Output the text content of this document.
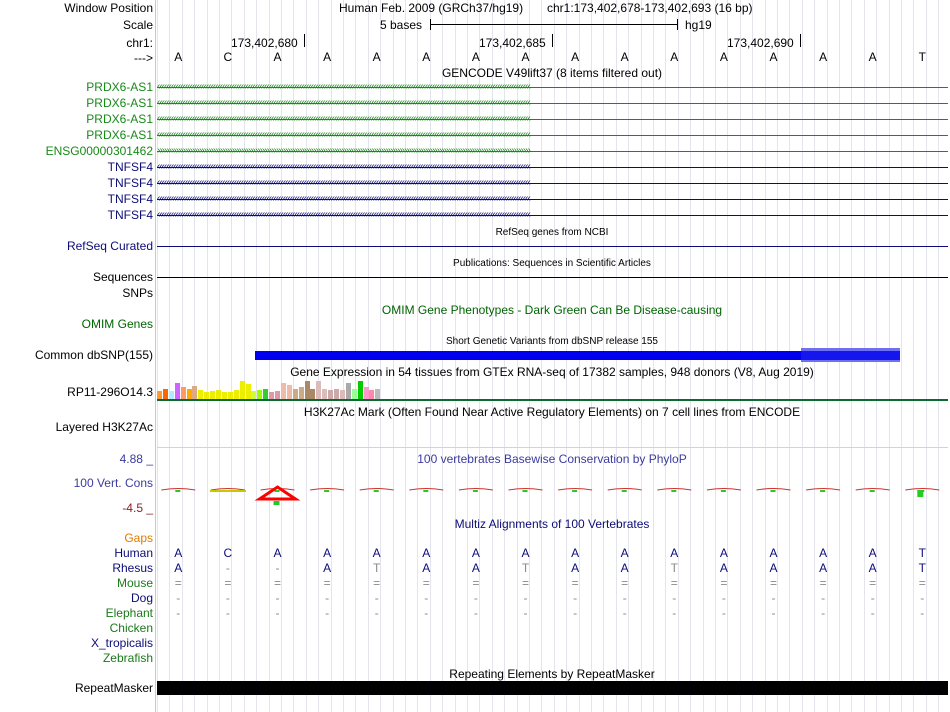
Window Position
Scale
chr1:
--->
Human Feb. 2009 (GRCh37/hg19) chr1:173,402,678-173,402,693 (16 bp)
5 bases	hg19
173,402,680	173,402,685	173,402,690
A	C	A	A	A	A	A	A	A	A	A	A	A	A	A	T
GENCODE V49lift37 (8 items filtered out)
PRDX6-AS1 ‹‹‹‹‹‹‹‹‹‹‹‹‹‹‹‹‹‹‹‹‹‹‹‹‹‹‹‹‹‹‹‹‹‹‹‹‹‹‹‹‹‹‹‹‹‹‹‹‹‹‹‹‹‹‹‹‹‹‹‹‹‹‹‹‹‹‹‹‹‹‹‹‹‹‹‹‹‹‹‹‹‹‹‹‹‹‹‹‹‹‹‹‹‹‹‹‹‹‹‹‹‹‹‹‹‹‹‹‹‹‹‹‹‹‹‹‹‹‹‹‹‹‹‹‹‹‹‹‹‹‹‹‹‹‹‹‹‹‹‹‹‹‹‹‹‹‹‹‹‹‹‹‹‹‹‹‹‹‹‹
PRDX6-AS1 ‹‹‹‹‹‹‹‹‹‹‹‹‹‹‹‹‹‹‹‹‹‹‹‹‹‹‹‹‹‹‹‹‹‹‹‹‹‹‹‹‹‹‹‹‹‹‹‹‹‹‹‹‹‹‹‹‹‹‹‹‹‹‹‹‹‹‹‹‹‹‹‹‹‹‹‹‹‹‹‹‹‹‹‹‹‹‹‹‹‹‹‹‹‹‹‹‹‹‹‹‹‹‹‹‹‹‹‹‹‹‹‹‹‹‹‹‹‹‹‹‹‹‹‹‹‹‹‹‹‹‹‹‹‹‹‹‹‹‹‹‹‹‹‹‹‹‹‹‹‹‹‹‹‹‹‹‹‹‹‹
PRDX6-AS1 ‹‹‹‹‹‹‹‹‹‹‹‹‹‹‹‹‹‹‹‹‹‹‹‹‹‹‹‹‹‹‹‹‹‹‹‹‹‹‹‹‹‹‹‹‹‹‹‹‹‹‹‹‹‹‹‹‹‹‹‹‹‹‹‹‹‹‹‹‹‹‹‹‹‹‹‹‹‹‹‹‹‹‹‹‹‹‹‹‹‹‹‹‹‹‹‹‹‹‹‹‹‹‹‹‹‹‹‹‹‹‹‹‹‹‹‹‹‹‹‹‹‹‹‹‹‹‹‹‹‹‹‹‹‹‹‹‹‹‹‹‹‹‹‹‹‹‹‹‹‹‹‹‹‹‹‹‹‹‹‹
PRDX6-AS1 ‹‹‹‹‹‹‹‹‹‹‹‹‹‹‹‹‹‹‹‹‹‹‹‹‹‹‹‹‹‹‹‹‹‹‹‹‹‹‹‹‹‹‹‹‹‹‹‹‹‹‹‹‹‹‹‹‹‹‹‹‹‹‹‹‹‹‹‹‹‹‹‹‹‹‹‹‹‹‹‹‹‹‹‹‹‹‹‹‹‹‹‹‹‹‹‹‹‹‹‹‹‹‹‹‹‹‹‹‹‹‹‹‹‹‹‹‹‹‹‹‹‹‹‹‹‹‹‹‹‹‹‹‹‹‹‹‹‹‹‹‹‹‹‹‹‹‹‹‹‹‹‹‹‹‹‹‹‹‹‹
ENSG00000301462 ››››››››››››››››››››››››››››››››››››››››››››››››››››››››››››››››››››››››››››››››››››››››››››››››››››››››››››››››››››››››››››››››››››››››››››››››››››››››››››››››
TNFSF4 ‹‹‹‹‹‹‹‹‹‹‹‹‹‹‹‹‹‹‹‹‹‹‹‹‹‹‹‹‹‹‹‹‹‹‹‹‹‹‹‹‹‹‹‹‹‹‹‹‹‹‹‹‹‹‹‹‹‹‹‹‹‹‹‹‹‹‹‹‹‹‹‹‹‹‹‹‹‹‹‹‹‹‹‹‹‹‹‹‹‹‹‹‹‹‹‹‹‹‹‹‹‹‹‹‹‹‹‹‹‹‹‹‹‹‹‹‹‹‹‹‹‹‹‹‹‹‹‹‹‹‹‹‹‹‹‹‹‹‹‹‹‹‹‹‹‹‹‹‹‹‹‹‹‹‹‹‹‹‹‹
TNFSF4 ‹‹‹‹‹‹‹‹‹‹‹‹‹‹‹‹‹‹‹‹‹‹‹‹‹‹‹‹‹‹‹‹‹‹‹‹‹‹‹‹‹‹‹‹‹‹‹‹‹‹‹‹‹‹‹‹‹‹‹‹‹‹‹‹‹‹‹‹‹‹‹‹‹‹‹‹‹‹‹‹‹‹‹‹‹‹‹‹‹‹‹‹‹‹‹‹‹‹‹‹‹‹‹‹‹‹‹‹‹‹‹‹‹‹‹‹‹‹‹‹‹‹‹‹‹‹‹‹‹‹‹‹‹‹‹‹‹‹‹‹‹‹‹‹‹‹‹‹‹‹‹‹‹‹‹‹‹‹‹‹
TNFSF4 ‹‹‹‹‹‹‹‹‹‹‹‹‹‹‹‹‹‹‹‹‹‹‹‹‹‹‹‹‹‹‹‹‹‹‹‹‹‹‹‹‹‹‹‹‹‹‹‹‹‹‹‹‹‹‹‹‹‹‹‹‹‹‹‹‹‹‹‹‹‹‹‹‹‹‹‹‹‹‹‹‹‹‹‹‹‹‹‹‹‹‹‹‹‹‹‹‹‹‹‹‹‹‹‹‹‹‹‹‹‹‹‹‹‹‹‹‹‹‹‹‹‹‹‹‹‹‹‹‹‹‹‹‹‹‹‹‹‹‹‹‹‹‹‹‹‹‹‹‹‹‹‹‹‹‹‹‹‹‹‹
TNFSF4 ‹‹‹‹‹‹‹‹‹‹‹‹‹‹‹‹‹‹‹‹‹‹‹‹‹‹‹‹‹‹‹‹‹‹‹‹‹‹‹‹‹‹‹‹‹‹‹‹‹‹‹‹‹‹‹‹‹‹‹‹‹‹‹‹‹‹‹‹‹‹‹‹‹‹‹‹‹‹‹‹‹‹‹‹‹‹‹‹‹‹‹‹‹‹‹‹‹‹‹‹‹‹‹‹‹‹‹‹‹‹‹‹‹‹‹‹‹‹‹‹‹‹‹‹‹‹‹‹‹‹‹‹‹‹‹‹‹‹‹‹‹‹‹‹‹‹‹‹‹‹‹‹‹‹‹‹‹‹‹‹
RefSeq genes from NCBI
RefSeq Curated
Publications: Sequences in Scientific Articles
Sequences
SNPs
OMIM Gene Phenotypes - Dark Green Can Be Disease-causing
OMIM Genes
Short Genetic Variants from dbSNP release 155
Common dbSNP(155)
Gene Expression in 54 tissues from GTEx RNA-seq of 17382 samples, 948 donors (V8, Aug 2019)
RP11-296O14.3
H3K27Ac Mark (Often Found Near Active Regulatory Elements) on 7 cell lines from ENCODE
Layered H3K27Ac
100 vertebrates Basewise Conservation by PhyloP
4.88 _
100 Vert. Cons
-4.5 _
Multiz Alignments of 100 Vertebrates
Gaps
Human A	C	A	A	A	A	A	A	A	A	A	A	A	A	A	T
Rhesus A	-	-	A	T	A	A	T	A	A	T	A	A	A	A	T
Mouse =	=	=	=	=	=	=	=	=	=	=	=	=	=	=	=
Dog -	-	-	-	-	-	-	-	-	-	-	-	-	-	-	-
Elephant -	-	-	-	-	-	-	-	-	-	-	-	-	-	-	-
Chicken
X_tropicalis
Zebrafish
Repeating Elements by RepeatMasker
RepeatMasker
